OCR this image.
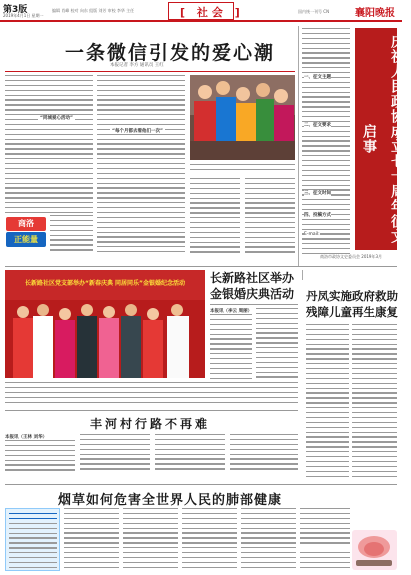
第3版
2019年4月1日 星期一
编辑 肖峰 校对 向东 组版 刘芳 审校 李华 主任	[ 社会 ]	国内统一刊号 CN	襄阳晚报
一条微信引发的爱心潮
本报记者 李方 通讯员 王红
“同城爱心活动”
商洛
正能量
“每个月都去看他们一次”
一、征文主题
二、征文要求
三、征文时间
四、投稿方式
E-mail:
商洛市政协文史委员会 2019年3月
庆祝人民政协成立七十周年征文启事
长新路社区党支部举办“新春庆典 同居同乐”金银婚纪念活动	长新路社区举办
金银婚庆典活动
本报讯（李云 周丽）
丹凤实施政府救助
残障儿童再生康复
丰河村行路不再难
本报讯（王林 刘华）
烟草如何危害全世界人民的肺部健康
